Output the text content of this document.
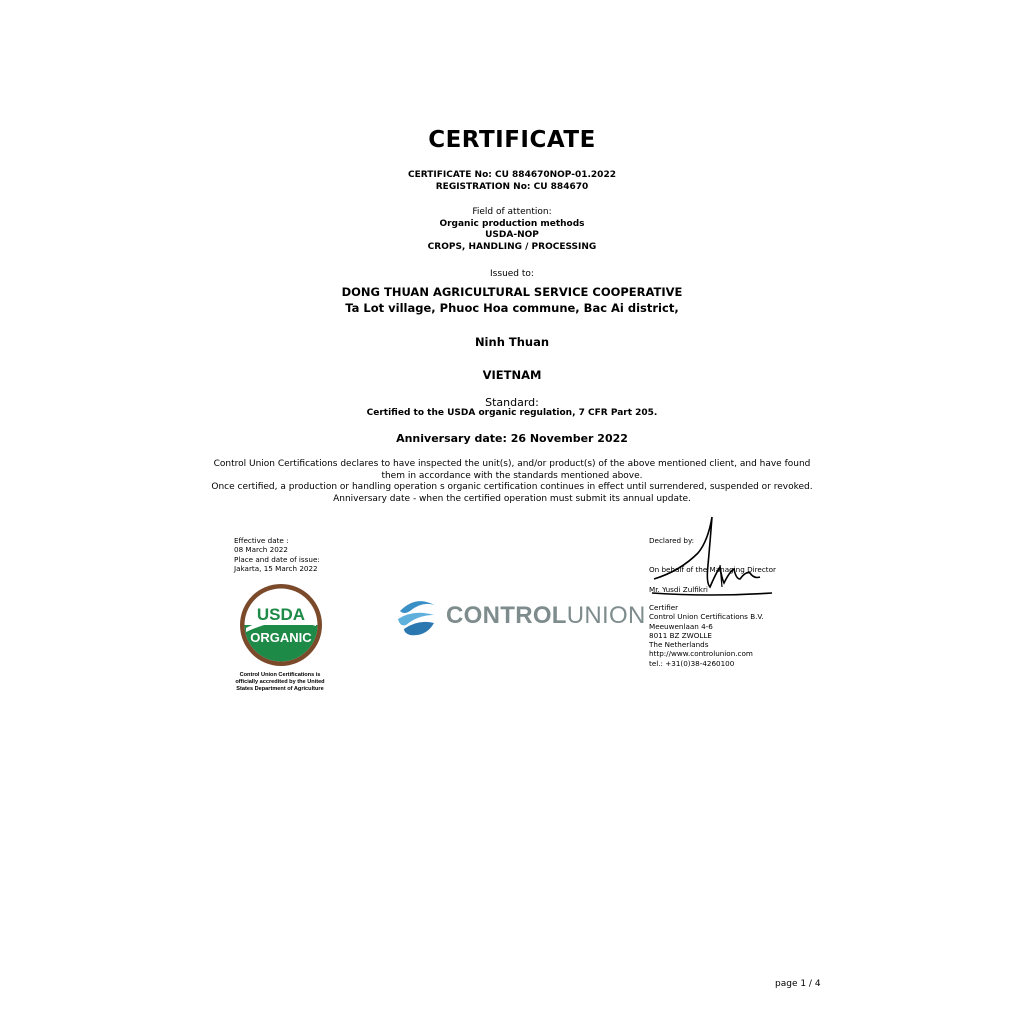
CERTIFICATE
CERTIFICATE No: CU 884670NOP-01.2022
REGISTRATION No: CU 884670
Field of attention:
Organic production methods
USDA-NOP
CROPS, HANDLING / PROCESSING
Issued to:
DONG THUAN AGRICULTURAL SERVICE COOPERATIVE
Ta Lot village, Phuoc Hoa commune, Bac Ai district,
Ninh Thuan
VIETNAM
Standard:
Certified to the USDA organic regulation, 7 CFR Part 205.
Anniversary date: 26 November 2022
Control Union Certifications declares to have inspected the unit(s), and/or product(s) of the above mentioned client, and have found
them in accordance with the standards mentioned above.
Once certified, a production or handling operation s organic certification continues in effect until surrendered, suspended or revoked.
Anniversary date - when the certified operation must submit its annual update.
Effective date :
08 March 2022
Place and date of issue:
Jakarta, 15 March 2022
USDA
ORGANIC
Control Union Certifications is
officially accredited by the United
States Department of Agriculture
CONTROLUNION
Declared by:
On behalf of the Managing Director
Mr. Yusdi Zulfikri
Certifier
Control Union Certifications B.V.
Meeuwenlaan 4-6
8011 BZ ZWOLLE
The Netherlands
http://www.controlunion.com
tel.: +31(0)38-4260100
page 1 / 4
